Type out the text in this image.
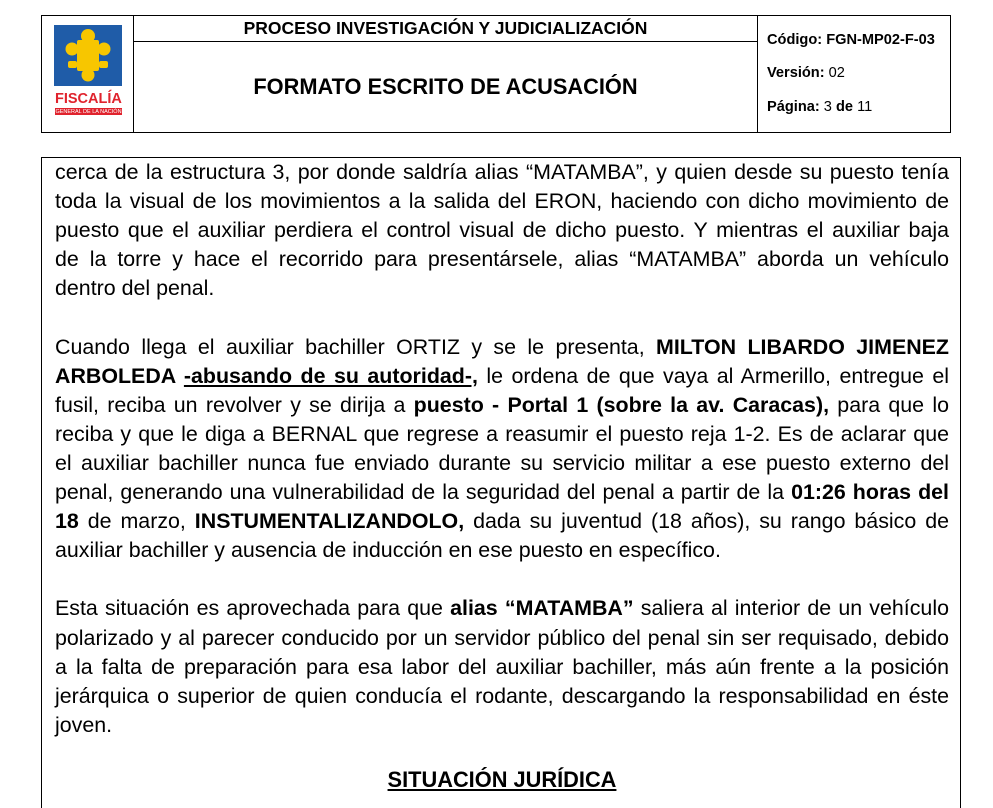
FISCALÍA
GENERAL DE LA NACIÓN
PROCESO INVESTIGACIÓN Y JUDICIALIZACIÓN
FORMATO ESCRITO DE ACUSACIÓN
Código: FGN-MP02-F-03
Versión: 02
Página: 3 de 11
cerca de la estructura 3, por donde saldría alias “MATAMBA”, y quien desde su puesto tenía
toda la visual de los movimientos a la salida del ERON, haciendo con dicho movimiento de
puesto que el auxiliar perdiera el control visual de dicho puesto. Y mientras el auxiliar baja
de la torre y hace el recorrido para presentársele, alias “MATAMBA” aborda un vehículo
dentro del penal.
Cuando llega el auxiliar bachiller ORTIZ y se le presenta, MILTON LIBARDO JIMENEZ
ARBOLEDA -abusando de su autoridad-, le ordena de que vaya al Armerillo, entregue el
fusil, reciba un revolver y se dirija a puesto - Portal 1 (sobre la av. Caracas), para que lo
reciba y que le diga a BERNAL que regrese a reasumir el puesto reja 1-2. Es de aclarar que
el auxiliar bachiller nunca fue enviado durante su servicio militar a ese puesto externo del
penal, generando una vulnerabilidad de la seguridad del penal a partir de la 01:26 horas del
18 de marzo, INSTUMENTALIZANDOLO, dada su juventud (18 años), su rango básico de
auxiliar bachiller y ausencia de inducción en ese puesto en específico.
Esta situación es aprovechada para que alias “MATAMBA” saliera al interior de un vehículo
polarizado y al parecer conducido por un servidor público del penal sin ser requisado, debido
a la falta de preparación para esa labor del auxiliar bachiller, más aún frente a la posición
jerárquica o superior de quien conducía el rodante, descargando la responsabilidad en éste
joven.
SITUACIÓN JURÍDICA
